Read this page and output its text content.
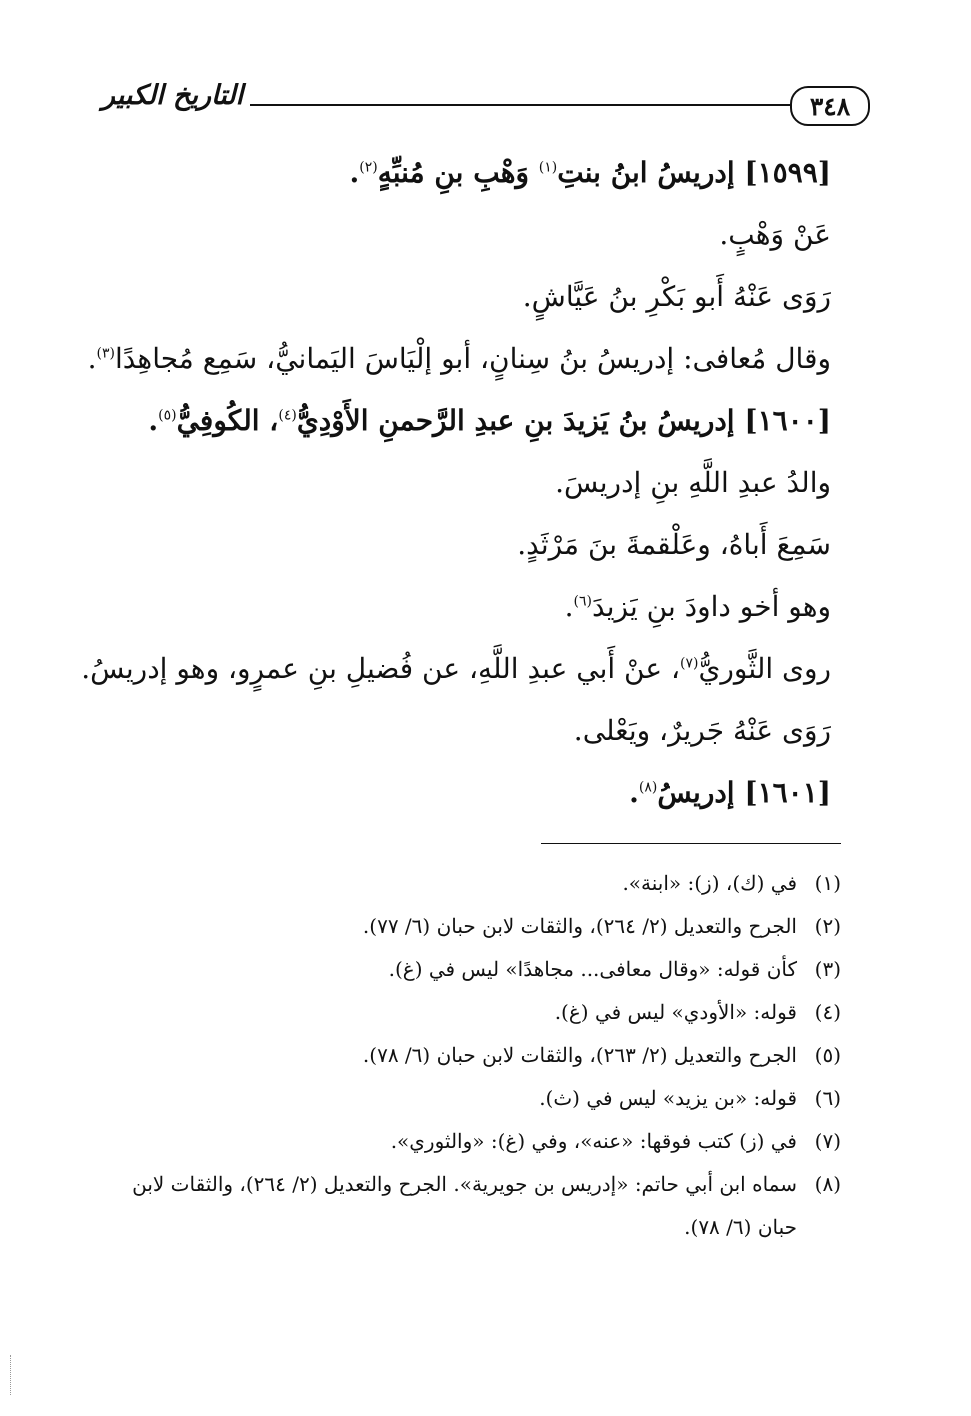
٣٤٨
التاريخ الكبير
[١٥٩٩] إدريسُ ابنُ بنتِ$^{(١)}$ وَهْبِ بنِ مُنبِّهٍ$^{(٢)}$.
عَنْ وَهْبٍ.
رَوَى عَنْهُ أَبو بَكْرِ بنُ عَيَّاشٍ.
وقال مُعافى: إدريسُ بنُ سِنانٍ، أبو إلْيَاسَ اليَمانيُّ، سَمِع مُجاهِدًا$^{(٣)}$.
[١٦٠٠] إدريسُ بنُ يَزيدَ بنِ عبدِ الرَّحمنِ الأَوْدِيُّ$^{(٤)}$، الكُوفِيُّ$^{(٥)}$.
والدُ عبدِ اللَّهِ بنِ إدريسَ.
سَمِعَ أَباهُ، وعَلْقمةَ بنَ مَرْثَدٍ.
وهو أخو داودَ بنِ يَزيدَ$^{(٦)}$.
روى الثَّوريُّ$^{(٧)}$، عنْ أَبي عبدِ اللَّهِ، عن فُضيلِ بنِ عمرٍو، وهو إدريسُ.
رَوَى عَنْهُ جَريرٌ، ويَعْلى.
[١٦٠١] إدريسُ$^{(٨)}$.
(١)
في (ك)، (ز): «ابنة».
(٢)
الجرح والتعديل (٢/ ٢٦٤)، والثقات لابن حبان (٦/ ٧٧).
(٣)
كأن قوله: «وقال معافى... مجاهدًا» ليس في (غ).
(٤)
قوله: «الأودي» ليس في (غ).
(٥)
الجرح والتعديل (٢/ ٢٦٣)، والثقات لابن حبان (٦/ ٧٨).
(٦)
قوله: «بن يزيد» ليس في (ث).
(٧)
في (ز) كتب فوقها: «عنه»، وفي (غ): «والثوري».
(٨)
سماه ابن أبي حاتم: «إدريس بن جويرية». الجرح والتعديل (٢/ ٢٦٤)، والثقات لابن حبان (٦/ ٧٨).
